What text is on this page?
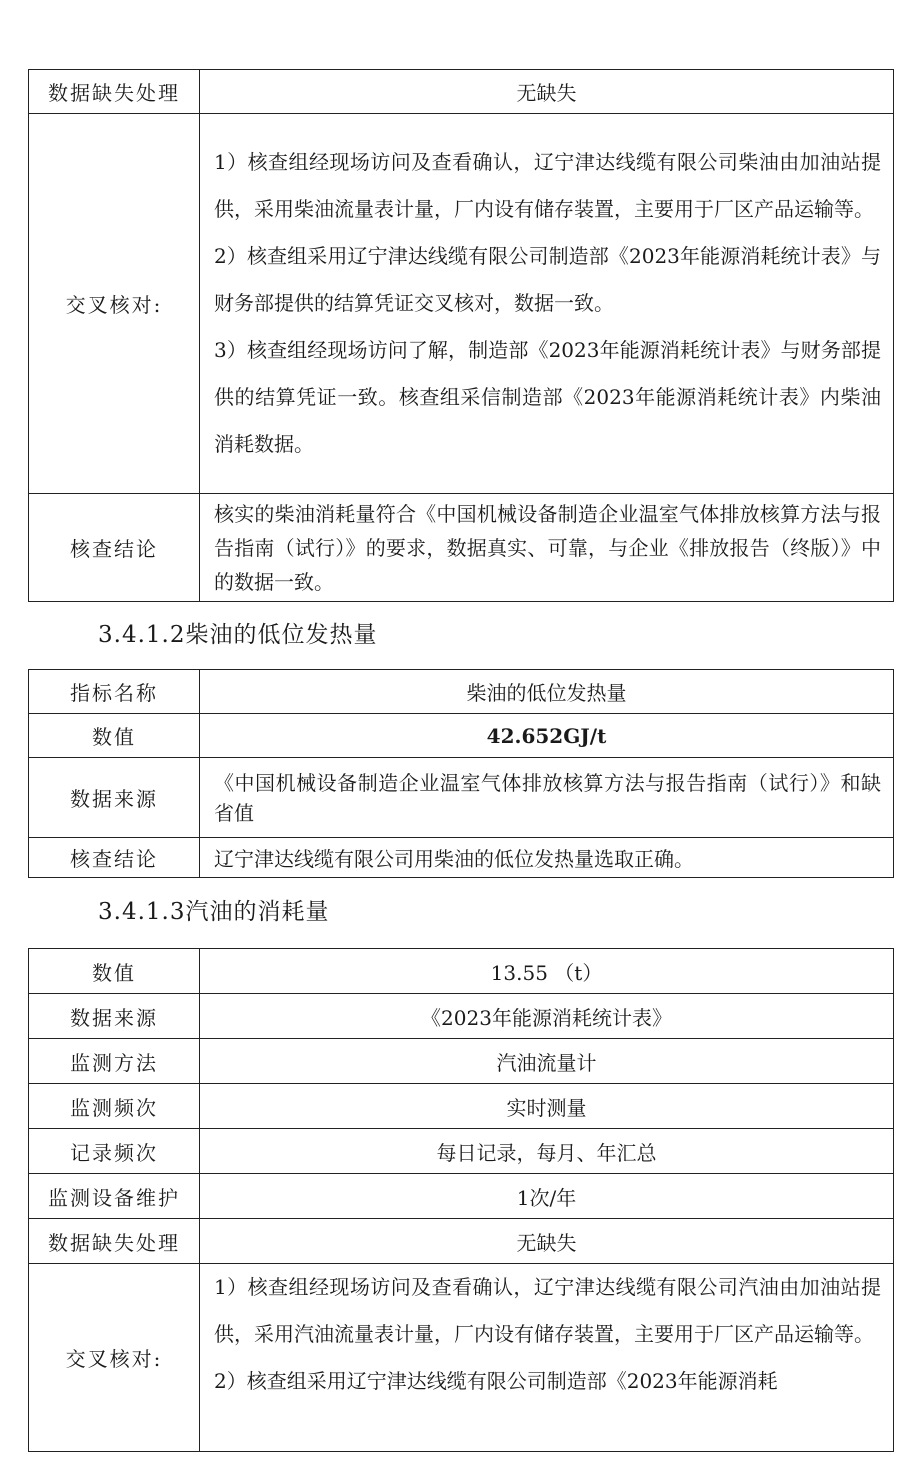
数据缺失处理	无缺失
交叉核对:	1）核查组经现场访问及查看确认，辽宁津达线缆有限公司柴油由加油站提供，采用柴油流量表计量，厂内设有储存装置，主要用于厂区产品运输等。

2）核查组采用辽宁津达线缆有限公司制造部《2023年能源消耗统计表》与财务部提供的结算凭证交叉核对，数据一致。

3）核查组经现场访问了解，制造部《2023年能源消耗统计表》与财务部提供的结算凭证一致。核查组采信制造部《2023年能源消耗统计表》内柴油消耗数据。

核查结论	核实的柴油消耗量符合《中国机械设备制造企业温室气体排放核算方法与报告指南（试行）》的要求，数据真实、可靠，与企业《排放报告（终版）》中的数据一致。
3.4.1.2柴油的低位发热量
指标名称	柴油的低位发热量
数值	42.652GJ/t
数据来源	《中国机械设备制造企业温室气体排放核算方法与报告指南（试行）》和缺省值
核查结论	辽宁津达线缆有限公司用柴油的低位发热量选取正确。
3.4.1.3汽油的消耗量
数值	13.55 （t）
数据来源	《2023年能源消耗统计表》
监测方法	汽油流量计
监测频次	实时测量
记录频次	每日记录，每月、年汇总
监测设备维护	1次/年
数据缺失处理	无缺失
交叉核对:	1）核查组经现场访问及查看确认，辽宁津达线缆有限公司汽油由加油站提供，采用汽油流量表计量，厂内设有储存装置，主要用于厂区产品运输等。

2）核查组采用辽宁津达线缆有限公司制造部《2023年能源消耗
